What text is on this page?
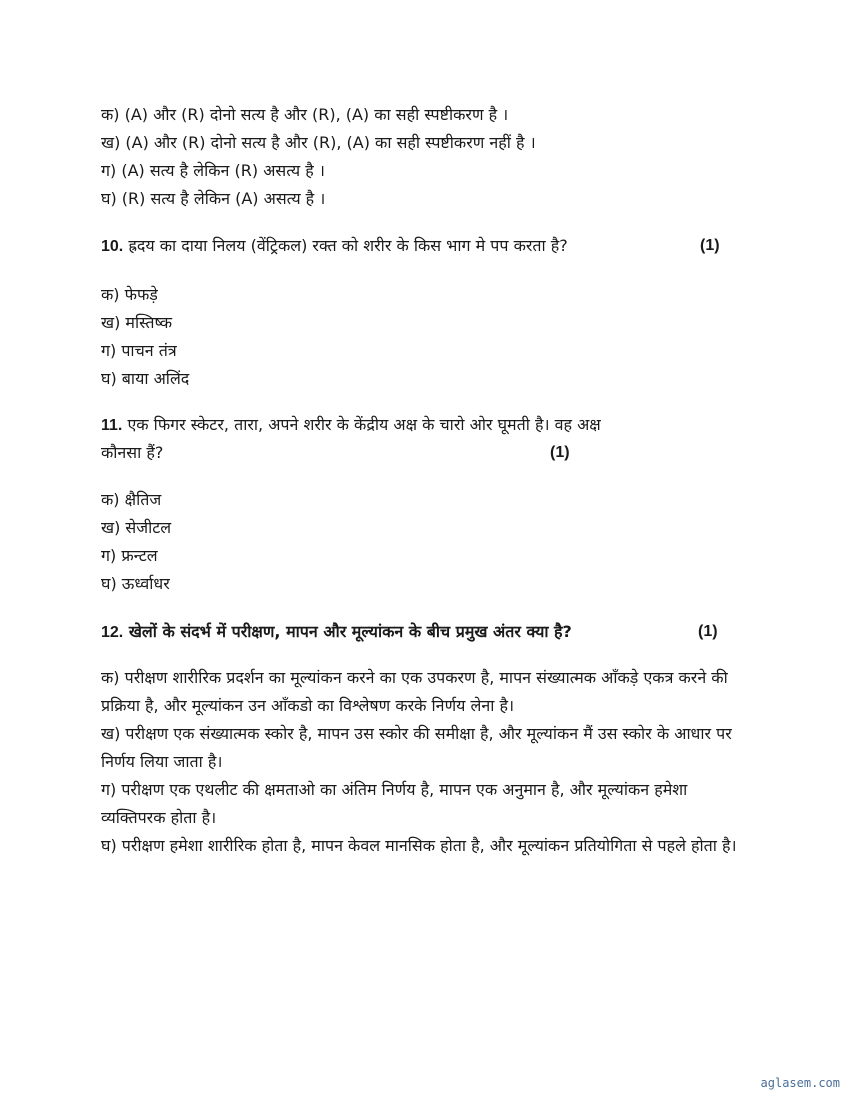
क) (A) और (R) दोनो सत्य है और (R), (A) का सही स्पष्टीकरण है ।
ख) (A) और (R) दोनो सत्य है और (R), (A) का सही स्पष्टीकरण नहीं है ।
ग) (A) सत्य है लेकिन (R) असत्य है ।
घ) (R) सत्य है लेकिन (A) असत्य है ।
10. ह्रदय का दाया निलय (वेंट्रिकल) रक्त को शरीर के किस भाग मे पप करता है?	(1)
क) फेफड़े
ख) मस्तिष्क
ग) पाचन तंत्र
घ) बाया अलिंद
11. एक फिगर स्केटर, तारा, अपने शरीर के केंद्रीय अक्ष के चारो ओर घूमती है। वह अक्ष
कौनसा हैं?	(1)
क) क्षैतिज
ख) सेजीटल
ग) फ्रन्टल
घ) ऊर्ध्वाधर
12. खेलों के संदर्भ में परीक्षण, मापन और मूल्यांकन के बीच प्रमुख अंतर क्या है?	(1)
क) परीक्षण शारीरिक प्रदर्शन का मूल्यांकन करने का एक उपकरण है, मापन संख्यात्मक आँकड़े एकत्र करने की प्रक्रिया है, और मूल्यांकन उन आँकडो का विश्लेषण करके निर्णय लेना है।
ख) परीक्षण एक संख्यात्मक स्कोर है, मापन उस स्कोर की समीक्षा है, और मूल्यांकन मैं उस स्कोर के आधार पर निर्णय लिया जाता है।
ग) परीक्षण एक एथलीट की क्षमताओ का अंतिम निर्णय है, मापन एक अनुमान है, और मूल्यांकन हमेशा व्यक्तिपरक होता है।
घ) परीक्षण हमेशा शारीरिक होता है, मापन केवल मानसिक होता है, और मूल्यांकन प्रतियोगिता से पहले होता है।
aglasem.com
